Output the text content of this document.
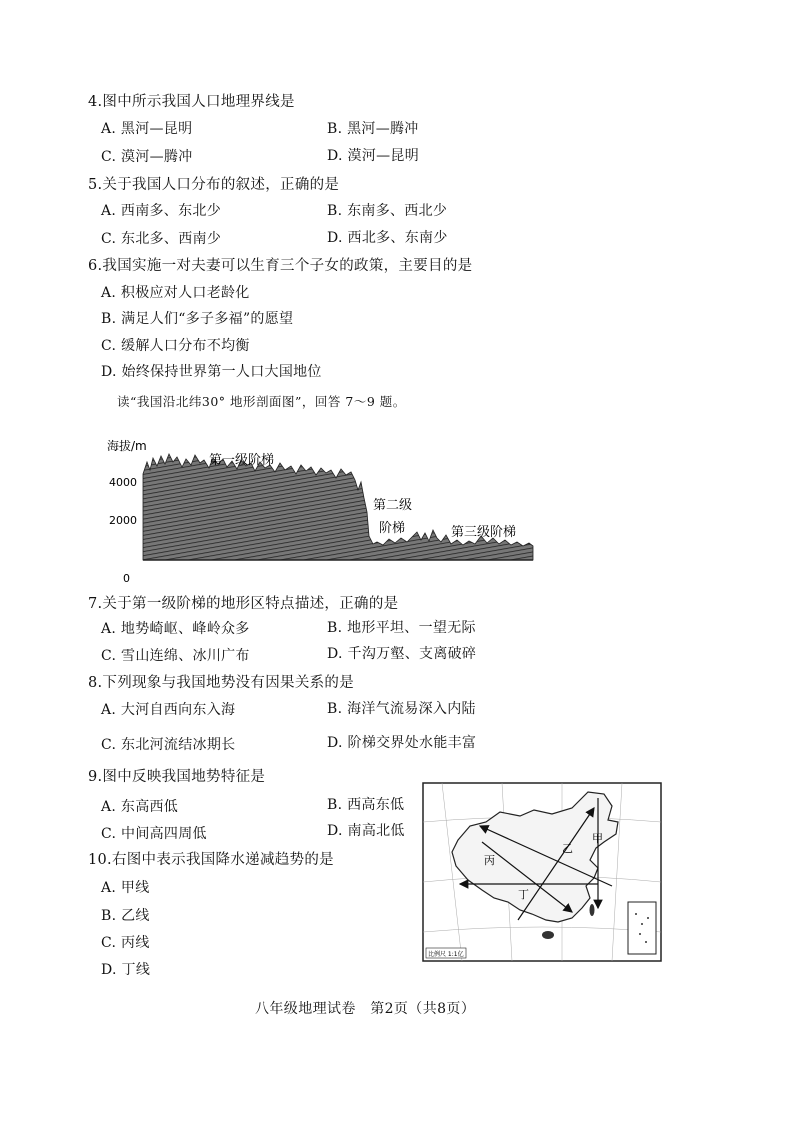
4.图中所示我国人口地理界线是
A. 黑河—昆明	B. 黑河—腾冲
C. 漠河—腾冲	D. 漠河—昆明
5.关于我国人口分布的叙述，正确的是
A. 西南多、东北少	B. 东南多、西北少
C. 东北多、西南少	D. 西北多、东南少
6.我国实施一对夫妻可以生育三个子女的政策，主要目的是
A. 积极应对人口老龄化
B. 满足人们“多子多福”的愿望
C. 缓解人口分布不均衡
D. 始终保持世界第一人口大国地位
读“我国沿北纬30° 地形剖面图”，回答 7～9 题。
海拔/m
4000
2000
0
第一级阶梯
第二级
阶梯	第三级阶梯
7.关于第一级阶梯的地形区特点描述，正确的是
A. 地势崎岖、峰岭众多	B. 地形平坦、一望无际
C. 雪山连绵、冰川广布	D. 千沟万壑、支离破碎
8.下列现象与我国地势没有因果关系的是
A. 大河自西向东入海	B. 海洋气流易深入内陆
C. 东北河流结冰期长	D. 阶梯交界处水能丰富
9.图中反映我国地势特征是
A. 东高西低	B. 西高东低
C. 中间高四周低	D. 南高北低
10.右图中表示我国降水递减趋势的是
A. 甲线
B. 乙线
C. 丙线
D. 丁线
甲
乙
丙
丁
比例尺 1:1亿
八年级地理试卷　第2页（共8页）
